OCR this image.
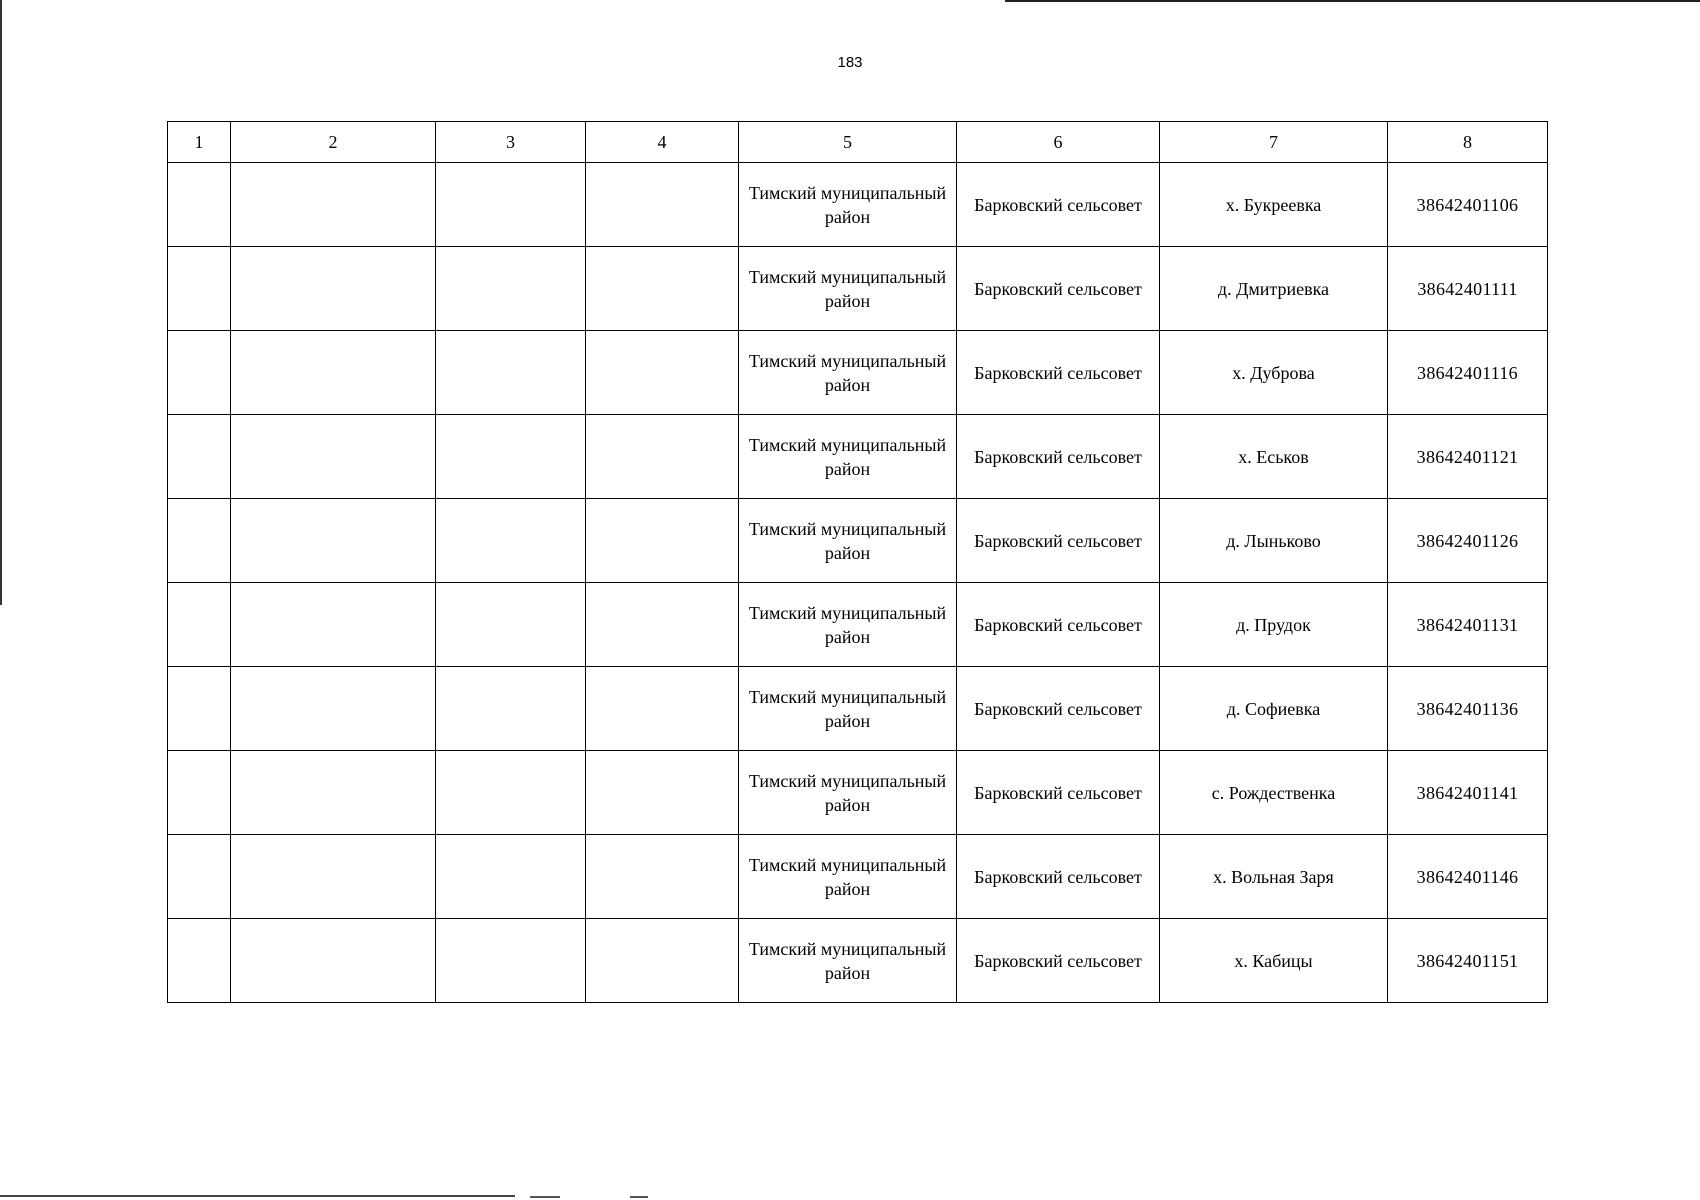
183
1	2	3	4	5	6	7	8
				Тимский муниципальный район	Барковский сельсовет	х. Букреевка	38642401106
				Тимский муниципальный район	Барковский сельсовет	д. Дмитриевка	38642401111
				Тимский муниципальный район	Барковский сельсовет	х. Дуброва	38642401116
				Тимский муниципальный район	Барковский сельсовет	х. Еськов	38642401121
				Тимский муниципальный район	Барковский сельсовет	д. Лыньково	38642401126
				Тимский муниципальный район	Барковский сельсовет	д. Прудок	38642401131
				Тимский муниципальный район	Барковский сельсовет	д. Софиевка	38642401136
				Тимский муниципальный район	Барковский сельсовет	с. Рождественка	38642401141
				Тимский муниципальный район	Барковский сельсовет	х. Вольная Заря	38642401146
				Тимский муниципальный район	Барковский сельсовет	х. Кабицы	38642401151
